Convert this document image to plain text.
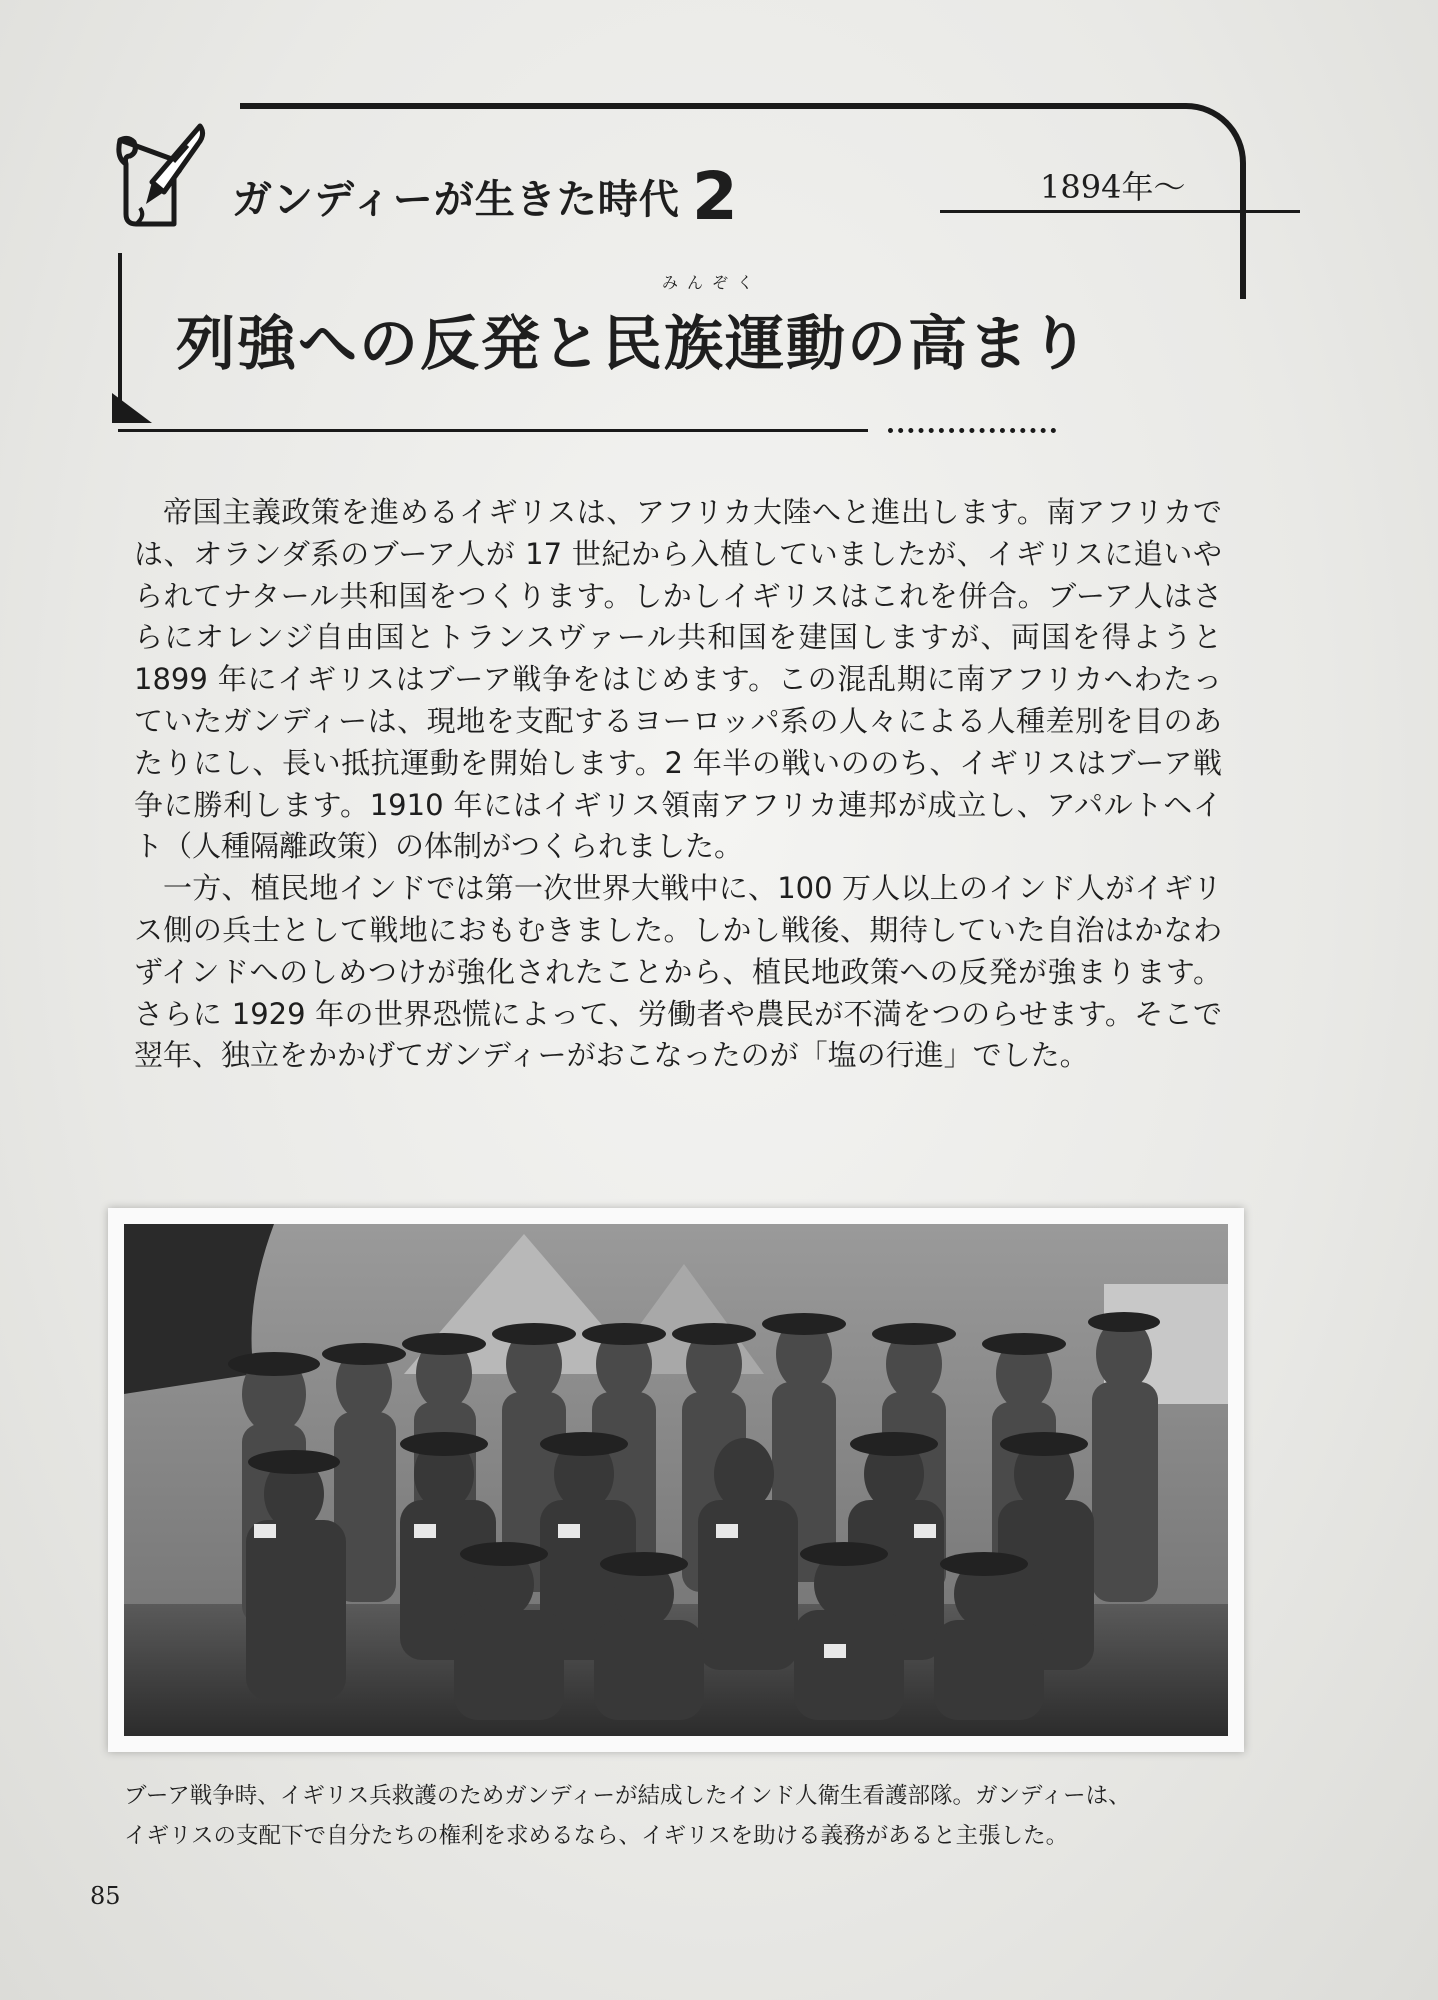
ガンディーが生きた時代 2	1894年～
列強への反発と民族運動の高まり
みんぞく

帝国主義政策を進めるイギリスは、アフリカ大陸へと進出します。南アフリカでは、オランダ系のブーア人が 17 世紀から入植していましたが、イギリスに追いやられてナタール共和国をつくります。しかしイギリスはこれを併合。ブーア人はさらにオレンジ自由国とトランスヴァール共和国を建国しますが、両国を得ようと 1899 年にイギリスはブーア戦争をはじめます。この混乱期に南アフリカへわたっていたガンディーは、現地を支配するヨーロッパ系の人々による人種差別を目のあたりにし、長い抵抗運動を開始します。2 年半の戦いののち、イギリスはブーア戦争に勝利します。1910 年にはイギリス領南アフリカ連邦が成立し、アパルトヘイト（人種隔離政策）の体制がつくられました。

一方、植民地インドでは第一次世界大戦中に、100 万人以上のインド人がイギリス側の兵士として戦地におもむきました。しかし戦後、期待していた自治はかなわずインドへのしめつけが強化されたことから、植民地政策への反発が強まります。さらに 1929 年の世界恐慌によって、労働者や農民が不満をつのらせます。そこで翌年、独立をかかげてガンディーがおこなったのが「塩の行進」でした。

ブーア戦争時、イギリス兵救護のためガンディーが結成したインド人衛生看護部隊。ガンディーは、

イギリスの支配下で自分たちの権利を求めるなら、イギリスを助ける義務があると主張した。

85
